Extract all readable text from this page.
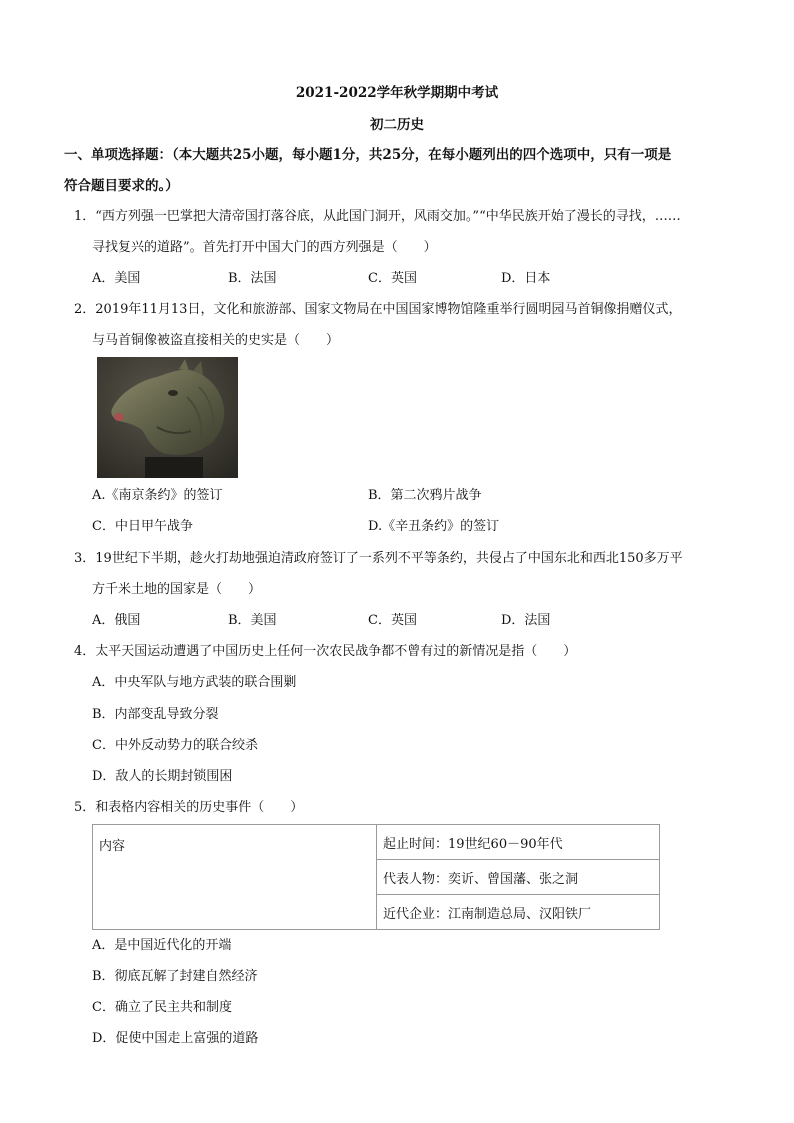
2021-2022学年秋学期期中考试
初二历史
一、单项选择题：（本大题共25小题，每小题1分，共25分，在每小题列出的四个选项中，只有一项是
符合题目要求的。）
1．“西方列强一巴掌把大清帝国打落谷底，从此国门洞开，风雨交加。”“中华民族开始了漫长的寻找，……
寻找复兴的道路”。首先打开中国大门的西方列强是（　　）
A．美国	B．法国	C．英国	D．日本
2．2019年11月13日，文化和旅游部、国家文物局在中国国家博物馆隆重举行圆明园马首铜像捐赠仪式，
与马首铜像被盗直接相关的史实是（　　）
A.《南京条约》的签订	B．第二次鸦片战争
C．中日甲午战争	D.《辛丑条约》的签订
3．19世纪下半期，趁火打劫地强迫清政府签订了一系列不平等条约，共侵占了中国东北和西北150多万平
方千米土地的国家是（　　）
A．俄国	B．美国	C．英国	D．法国
4．太平天国运动遭遇了中国历史上任何一次农民战争都不曾有过的新情况是指（　　）
A．中央军队与地方武装的联合围剿
B．内部变乱导致分裂
C．中外反动势力的联合绞杀
D．敌人的长期封锁围困
5．和表格内容相关的历史事件（　　）
内容	起止时间：19世纪60－90年代
代表人物：奕䜣、曾国藩、张之洞
近代企业：江南制造总局、汉阳铁厂
A．是中国近代化的开端
B．彻底瓦解了封建自然经济
C．确立了民主共和制度
D．促使中国走上富强的道路
